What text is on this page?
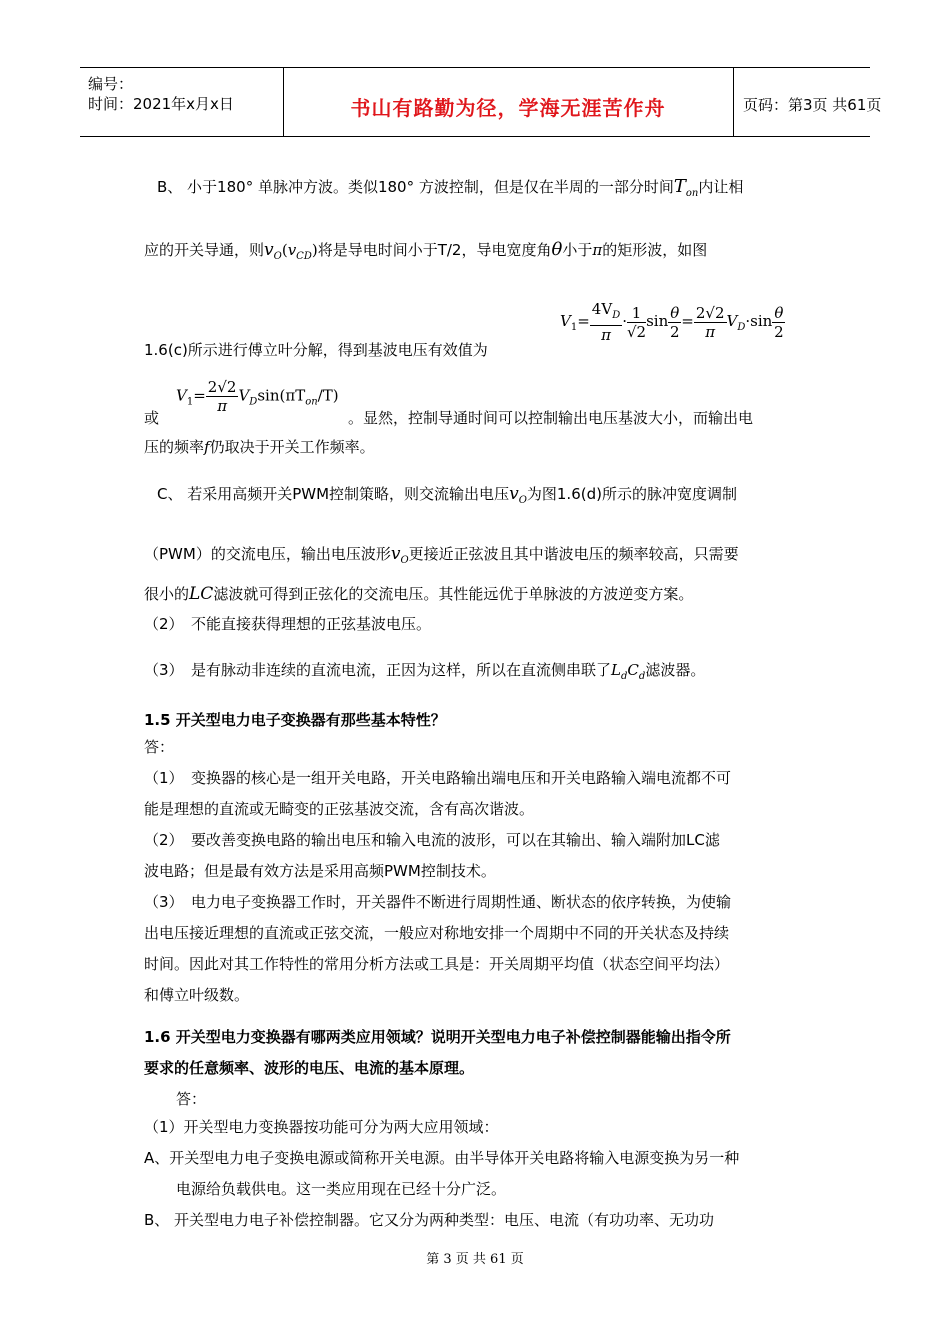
编号：
时间：2021年x月x日	书山有路勤为径，学海无涯苦作舟	页码：第3页 共61页
B、 小于180° 单脉冲方波。类似180° 方波控制，但是仅在半周的一部分时间$T_{on}$内让相
应的开关导通，则$v_O(v_{CD})$将是导电时间小于T/2，导电宽度角θ小于π的矩形波，如图
1.6(c)所示进行傅立叶分解，得到基波电压有效值为
$V_1= \frac{4V_D}{\pi} \cdot \frac{1}{√2}$ $\sin \frac{\theta}{2} = \frac{2√2}{\pi} V_D\cdot\sin \frac{\theta}{2}$
或
$V_1= \frac{2√2}{\pi} V_D\sin(\pi T_{on}/T)$
。显然，控制导通时间可以控制输出电压基波大小，而输出电
压的频率f仍取决于开关工作频率。
C、 若采用高频开关PWM控制策略，则交流输出电压$v_O$为图1.6(d)所示的脉冲宽度调制
（PWM）的交流电压，输出电压波形$v_O$更接近正弦波且其中谐波电压的频率较高，只需要
很小的LC滤波就可得到正弦化的交流电压。其性能远优于单脉波的方波逆变方案。
（2）　不能直接获得理想的正弦基波电压。
（3）　是有脉动非连续的直流电流，正因为这样，所以在直流侧串联了$L_dC_d$滤波器。
1.5 开关型电力电子变换器有那些基本特性？
答：
（1）　变换器的核心是一组开关电路，开关电路输出端电压和开关电路输入端电流都不可
能是理想的直流或无畸变的正弦基波交流，含有高次谐波。
（2）　要改善变换电路的输出电压和输入电流的波形，可以在其输出、输入端附加LC滤
波电路；但是最有效方法是采用高频PWM控制技术。
（3）　电力电子变换器工作时，开关器件不断进行周期性通、断状态的依序转换，为使输
出电压接近理想的直流或正弦交流，一般应对称地安排一个周期中不同的开关状态及持续
时间。因此对其工作特性的常用分析方法或工具是：开关周期平均值（状态空间平均法）
和傅立叶级数。
1.6 开关型电力变换器有哪两类应用领域？说明开关型电力电子补偿控制器能输出指令所
要求的任意频率、波形的电压、电流的基本原理。
答：
（1）开关型电力变换器按功能可分为两大应用领域：
A、开关型电力电子变换电源或简称开关电源。由半导体开关电路将输入电源变换为另一种
电源给负载供电。这一类应用现在已经十分广泛。
B、 开关型电力电子补偿控制器。它又分为两种类型：电压、电流（有功功率、无功功
第 3 页 共 61 页
